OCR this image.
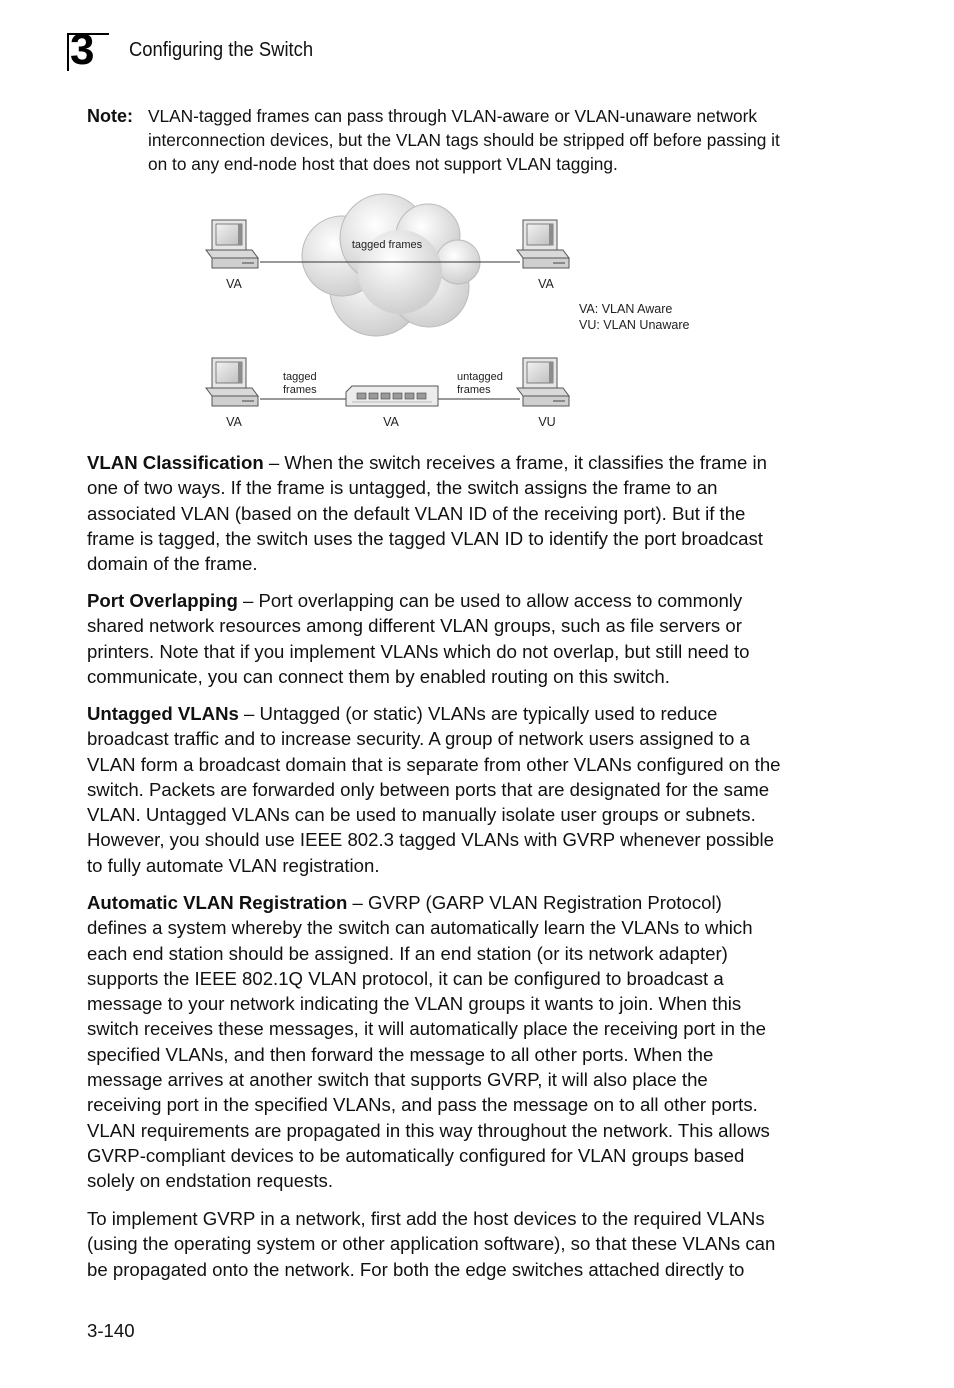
3 Configuring the Switch
Note: VLAN-tagged frames can pass through VLAN-aware or VLAN-unaware network
interconnection devices, but the VLAN tags should be stripped off before passing it
on to any end-node host that does not support VLAN tagging.
tagged frames
VA	VA
VA: VLAN Aware
VU: VLAN Unaware
tagged
frames
untagged
frames
VA	VA	VU
VLAN Classification – When the switch receives a frame, it classifies the frame in
one of two ways. If the frame is untagged, the switch assigns the frame to an
associated VLAN (based on the default VLAN ID of the receiving port). But if the
frame is tagged, the switch uses the tagged VLAN ID to identify the port broadcast
domain of the frame.
Port Overlapping – Port overlapping can be used to allow access to commonly
shared network resources among different VLAN groups, such as file servers or
printers. Note that if you implement VLANs which do not overlap, but still need to
communicate, you can connect them by enabled routing on this switch.
Untagged VLANs – Untagged (or static) VLANs are typically used to reduce
broadcast traffic and to increase security. A group of network users assigned to a
VLAN form a broadcast domain that is separate from other VLANs configured on the
switch. Packets are forwarded only between ports that are designated for the same
VLAN. Untagged VLANs can be used to manually isolate user groups or subnets.
However, you should use IEEE 802.3 tagged VLANs with GVRP whenever possible
to fully automate VLAN registration.
Automatic VLAN Registration – GVRP (GARP VLAN Registration Protocol)
defines a system whereby the switch can automatically learn the VLANs to which
each end station should be assigned. If an end station (or its network adapter)
supports the IEEE 802.1Q VLAN protocol, it can be configured to broadcast a
message to your network indicating the VLAN groups it wants to join. When this
switch receives these messages, it will automatically place the receiving port in the
specified VLANs, and then forward the message to all other ports. When the
message arrives at another switch that supports GVRP, it will also place the
receiving port in the specified VLANs, and pass the message on to all other ports.
VLAN requirements are propagated in this way throughout the network. This allows
GVRP-compliant devices to be automatically configured for VLAN groups based
solely on endstation requests.
To implement GVRP in a network, first add the host devices to the required VLANs
(using the operating system or other application software), so that these VLANs can
be propagated onto the network. For both the edge switches attached directly to
3-140
